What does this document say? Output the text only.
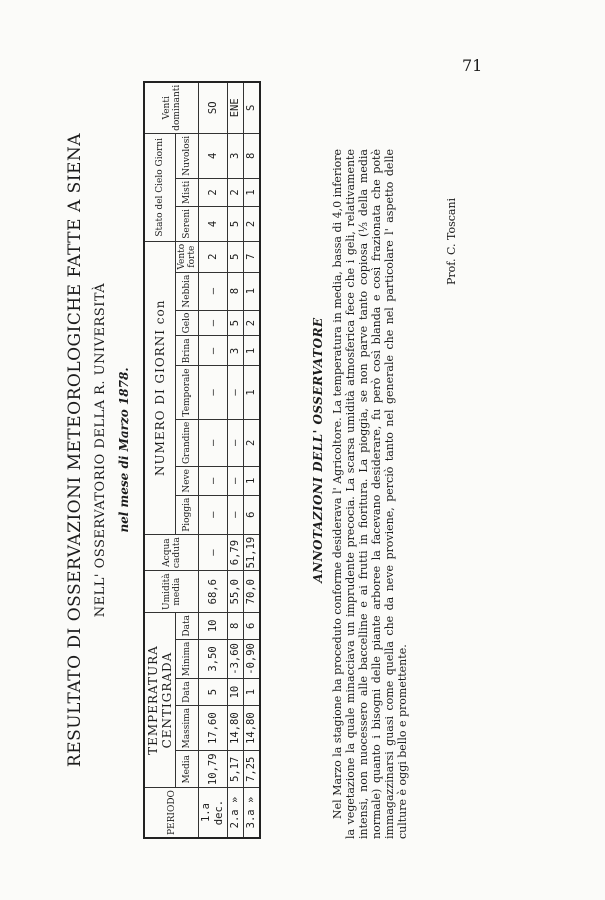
71
RESULTATO DI OSSERVAZIONI METEOROLOGICHE FATTE A SIENA NELL' OSSERVATORIO DELLA R. UNIVERSITÀ nel mese di Marzo 1878.
PERIODO	TEMPERATURA CENTIGRADA					Umidità media	Acqua caduta	NUMERO DI GIORNI con								Stato del Cielo Giorni			Venti dominanti
	Media	Massima	Data	Minima	Data			Pioggia	Neve	Grandine	Temporale	Brina	Gelo	Nebbia	Vento forte	Sereni	Misti	Nuvolosi	
1.a dec.	10,79	17,60	5	3,50	10	68,6	—	—	—	—	—	—	—	—	2	4	2	4	SO
2.a »	5,17	14,80	10	-3,60	8	55,0	6,79	—	—	—	—	3	5	8	5	5	2	3	ENE
3.a »	7,25	14,80	1	-0,90	6	70,0	51,19	6	1	2	1	1	2	1	7	2	1	8	S
ANNOTAZIONI DELL' OSSERVATORE Nel Marzo la stagione ha proceduto conforme desiderava l' Agricoltore. La temperatura in media, bassa di 4,0 inferiore la vegetazione la quale minacciava un imprudente precocia. La scarsa umidità atmosferica fece che i geli, relativamente intensi, non nuocessero alle baccelline e ai frutti in fioritura. La pioggia, se non parve tanto copiosa (⅓ della media normale) quanto i bisogni delle piante arboree la facevano desiderare, fu però così blanda e così frazionata che potè immagazzinarsi guasi come quella che da neve proviene, perciò tanto nel generale che nel particolare l' aspetto delle culture è oggi bello e promettente.
Prof. C. Toscani
